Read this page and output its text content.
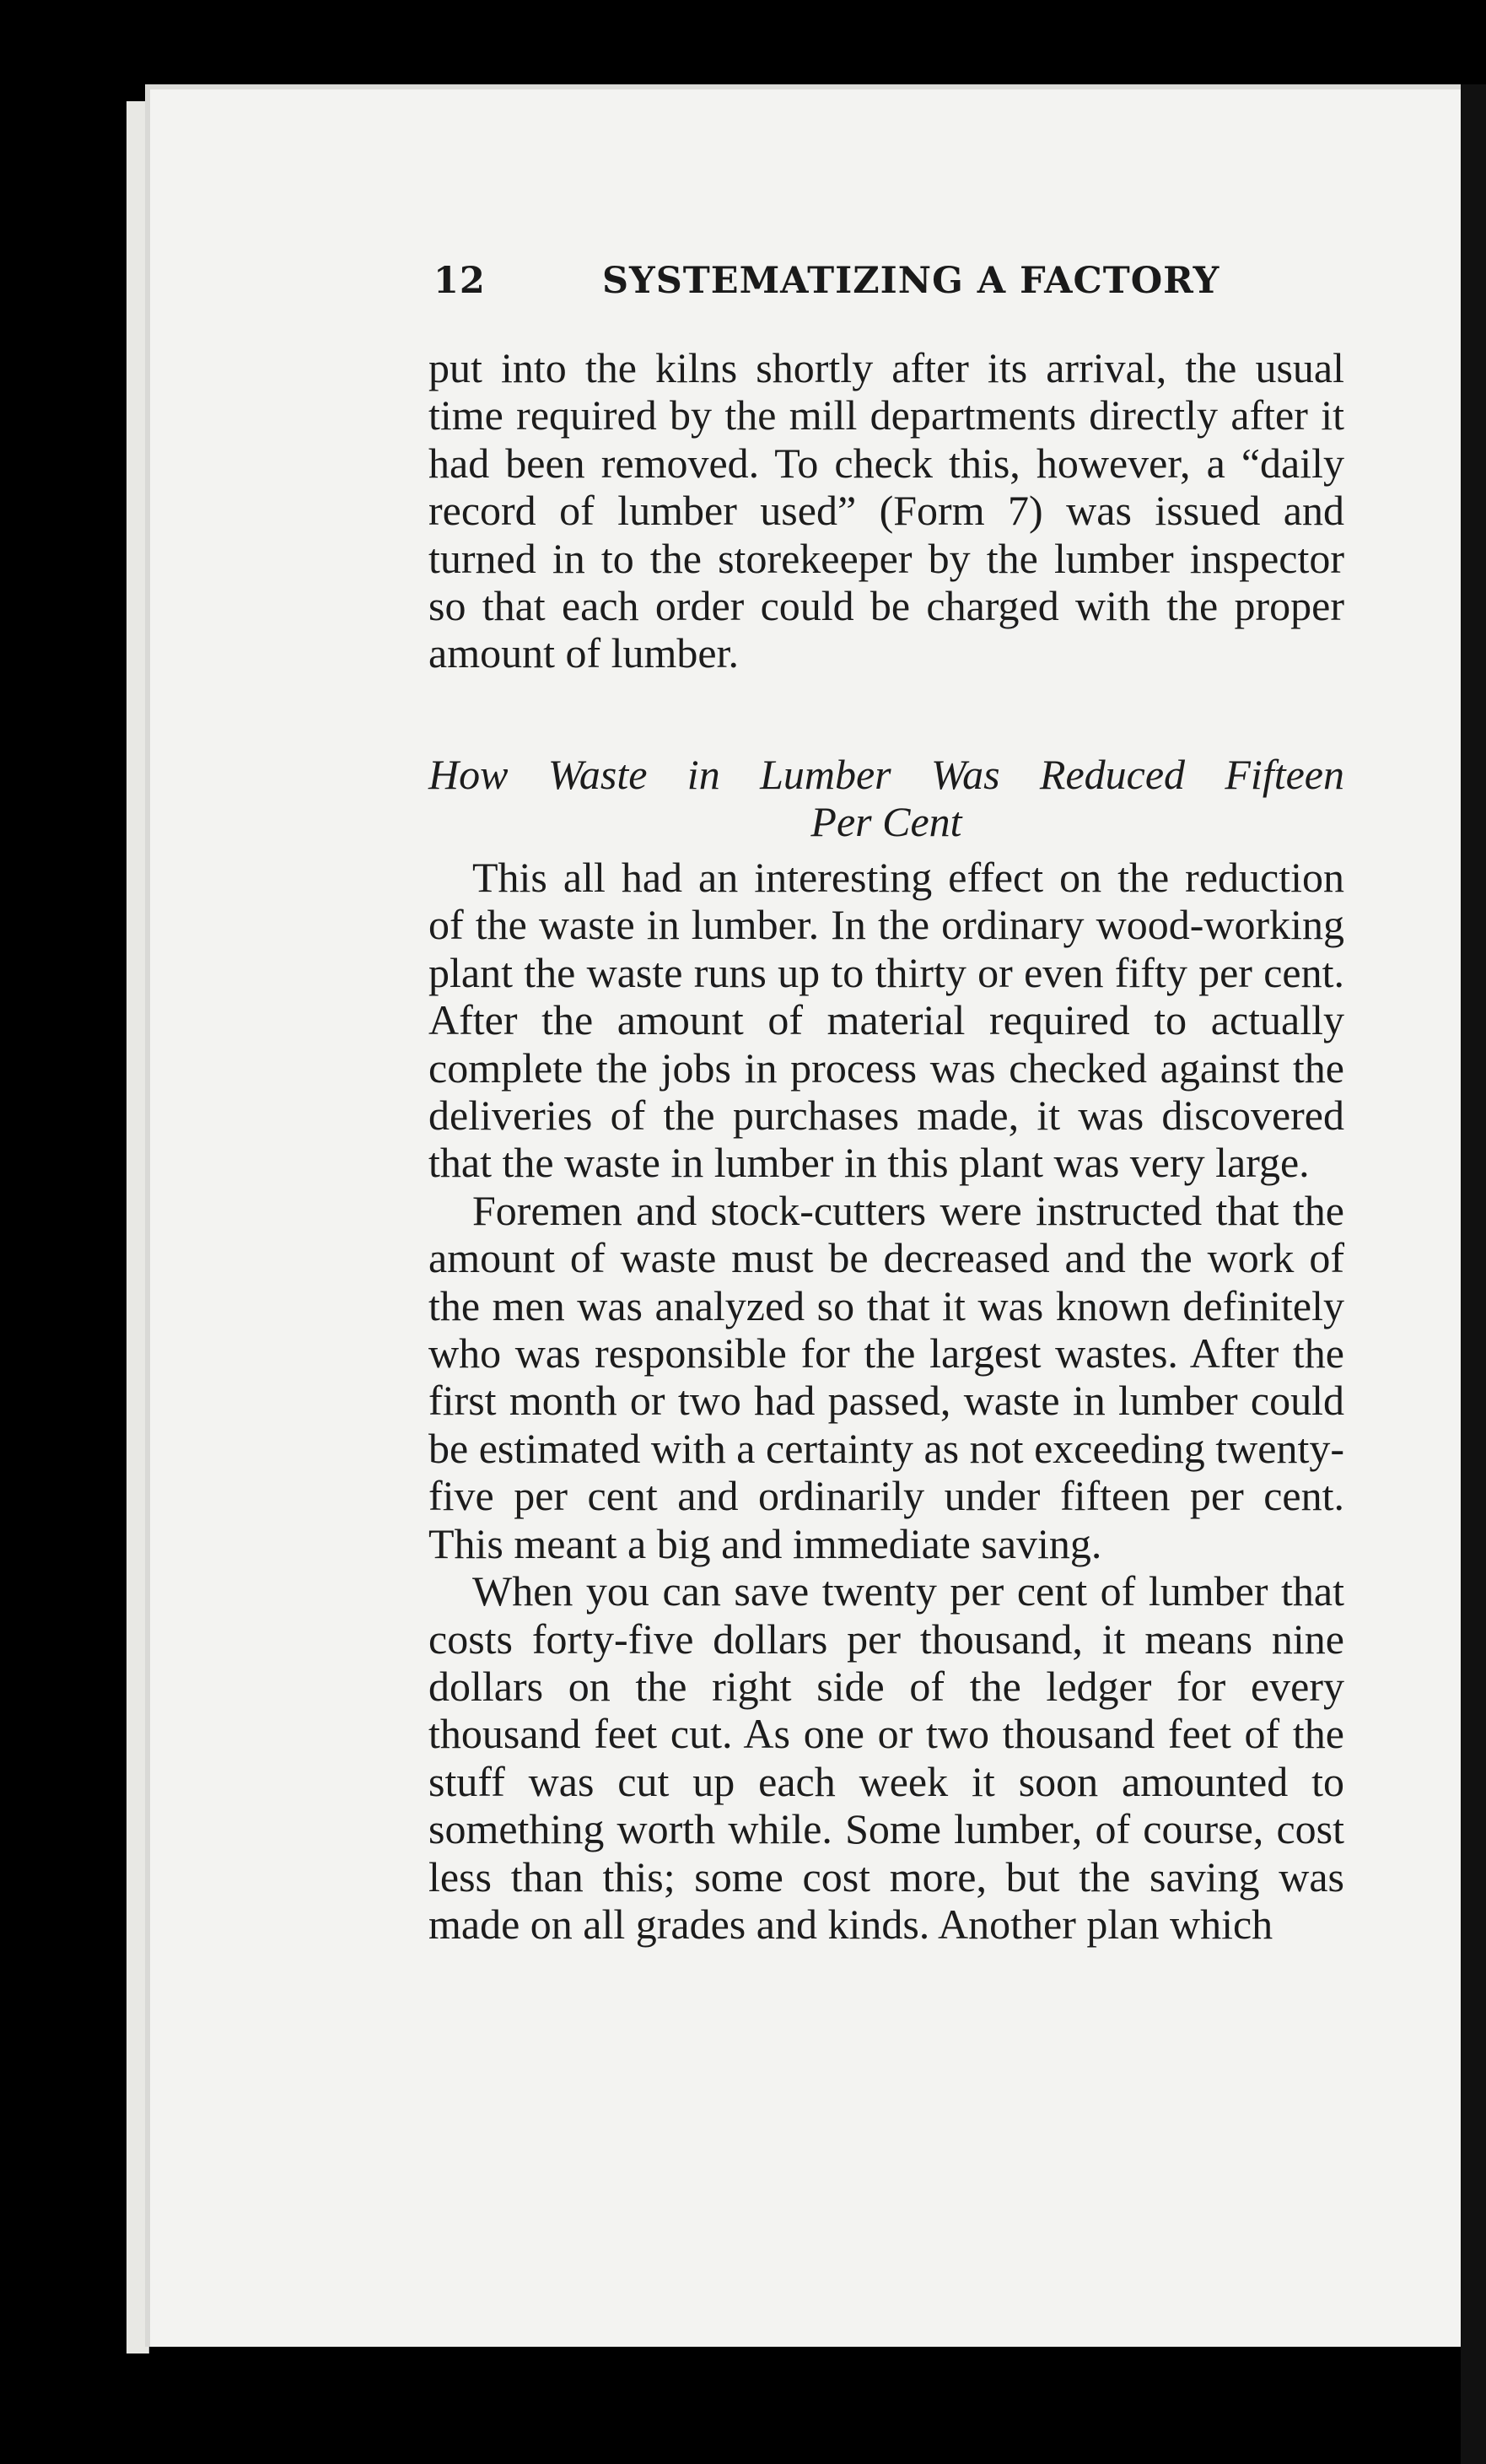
12	SYSTEMATIZING A FACTORY

put into the kilns shortly after its arrival, the usual time required by the mill departments directly after it had been removed. To check this, however, a “daily record of lumber used” (Form 7) was issued and turned in to the storekeeper by the lumber inspector so that each order could be charged with the proper amount of lumber.

How Waste in Lumber Was Reduced Fifteen

Per Cent

This all had an interesting effect on the reduction of the waste in lumber. In the ordinary wood-working plant the waste runs up to thirty or even fifty per cent. After the amount of material required to actually complete the jobs in process was checked against the deliveries of the purchases made, it was discovered that the waste in lumber in this plant was very large.

Foremen and stock-cutters were instructed that the amount of waste must be decreased and the work of the men was analyzed so that it was known definitely who was responsible for the largest wastes. After the first month or two had passed, waste in lumber could be estimated with a certainty as not exceeding twenty-five per cent and ordinarily under fifteen per cent. This meant a big and immediate saving.

When you can save twenty per cent of lumber that costs forty-five dollars per thousand, it means nine dollars on the right side of the ledger for every thousand feet cut. As one or two thousand feet of the stuff was cut up each week it soon amounted to something worth while. Some lumber, of course, cost less than this; some cost more, but the saving was made on all grades and kinds. Another plan which
